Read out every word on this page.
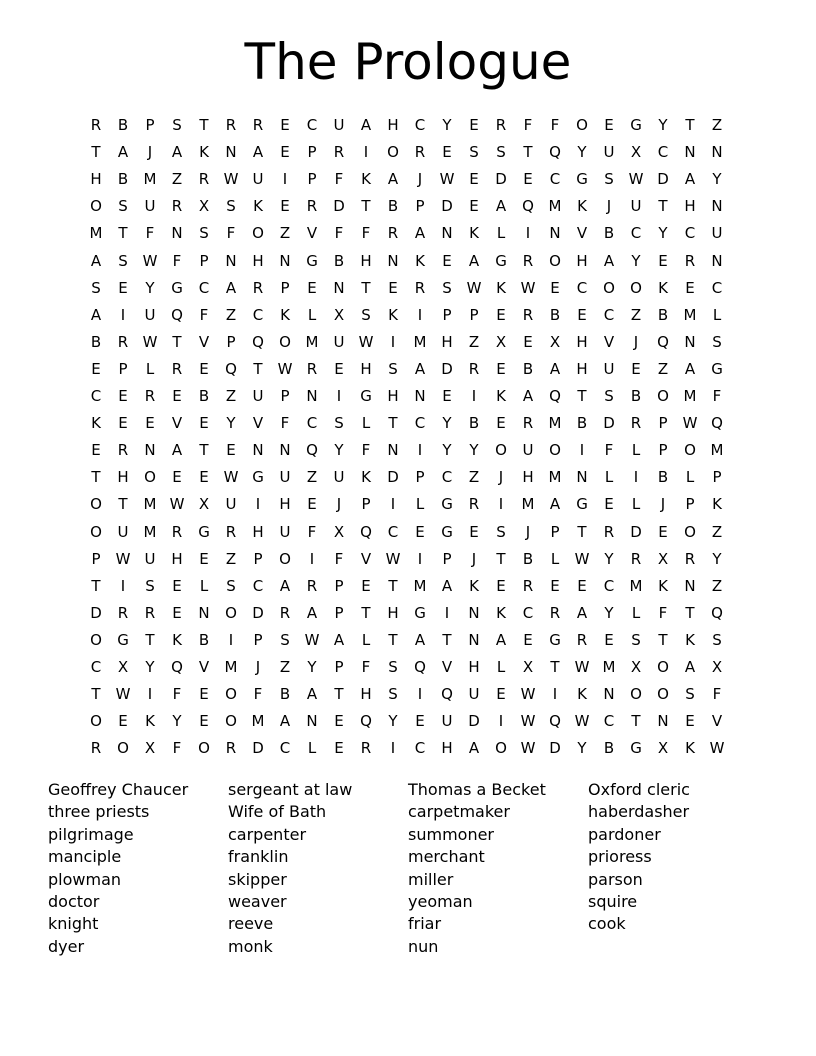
The Prologue
R	B	P	S	T	R	R	E	C	U	A	H	C	Y	E	R	F	F	O	E	G	Y	T	Z
T	A	J	A	K	N	A	E	P	R	I	O	R	E	S	S	T	Q	Y	U	X	C	N	N
H	B	M	Z	R W U	I	P	F	K	A	J	W E	D	E	C	G	S W D	A	Y
O	S	U	R	X	S	K	E	R	D	T	B	P	D	E	A	Q M	K	J	U	T	H	N
M	T	F	N	S	F	O	Z	V	F	F	R	A	N	K	L	I	N	V	B	C	Y	C	U
A	S W	F	P	N	H	N	G	B	H	N	K	E	A	G	R	O	H	A	Y	E	R	N
S	E	Y	G	C	A	R	P	E	N	T	E	R	S W K W E	C	O	O	K	E	C
A	I	U	Q	F	Z	C	K	L	X	S	K	I	P	P	E	R	B	E	C	Z	B	M	L
B	R W T	V	P	Q	O M	U W	I	M H	Z	X	E	X	H	V	J	Q	N	S
E	P	L	R	E	Q	T	W R	E	H	S	A	D	R	E	B	A	H	U	E	Z	A	G
C	E	R	E	B	Z	U	P	N	I	G	H	N	E	I	K	A	Q	T	S	B	O M	F
K	E	E	V	E	Y	V	F	C	S	L	T	C	Y	B	E	R	M	B	D	R	P	W Q
E	R	N	A	T	E	N	N	Q	Y	F	N	I	Y	Y	O	U	O	I	F	L	P	O M
T	H	O	E	E W G	U	Z	U	K	D	P	C	Z	J	H M N	L	I	B	L	P
O	T	M W X	U	I	H	E	J	P	I	L	G	R	I	M	A	G	E	L	J	P	K
O	U	M	R	G	R	H	U	F	X	Q	C	E	G	E	S	J	P	T	R	D	E	O	Z
P	W U	H	E	Z	P	O	I	F	V W	I	P	J	T	B	L	W Y	R	X	R	Y
T	I	S	E	L	S	C	A	R	P	E	T	M	A	K	E	R	E	E	C	M	K	N	Z
D	R	R	E	N	O	D	R	A	P	T	H	G	I	N	K	C	R	A	Y	L	F	T	Q
O	G	T	K	B	I	P	S W A	L	T	A	T	N	A	E	G	R	E	S	T	K	S
C	X	Y	Q	V	M	J	Z	Y	P	F	S	Q	V	H	L	X	T	W M	X	O	A	X
T	W	I	F	E	O	F	B	A	T	H	S	I	Q	U	E W	I	K	N	O	O	S	F
O	E	K	Y	E	O M	A	N	E	Q	Y	E	U	D	I	W Q W C	T	N	E	V
R	O	X	F	O	R	D	C	L	E	R	I	C	H	A	O W D	Y	B	G	X	K W
Geoffrey Chaucer
three priests
pilgrimage
manciple
plowman
doctor
knight
dyer
sergeant at law
Wife of Bath
carpenter
franklin
skipper
weaver
reeve
monk
Thomas a Becket
carpetmaker
summoner
merchant
miller
yeoman
friar
nun
Oxford cleric
haberdasher
pardoner
prioress
parson
squire
cook
